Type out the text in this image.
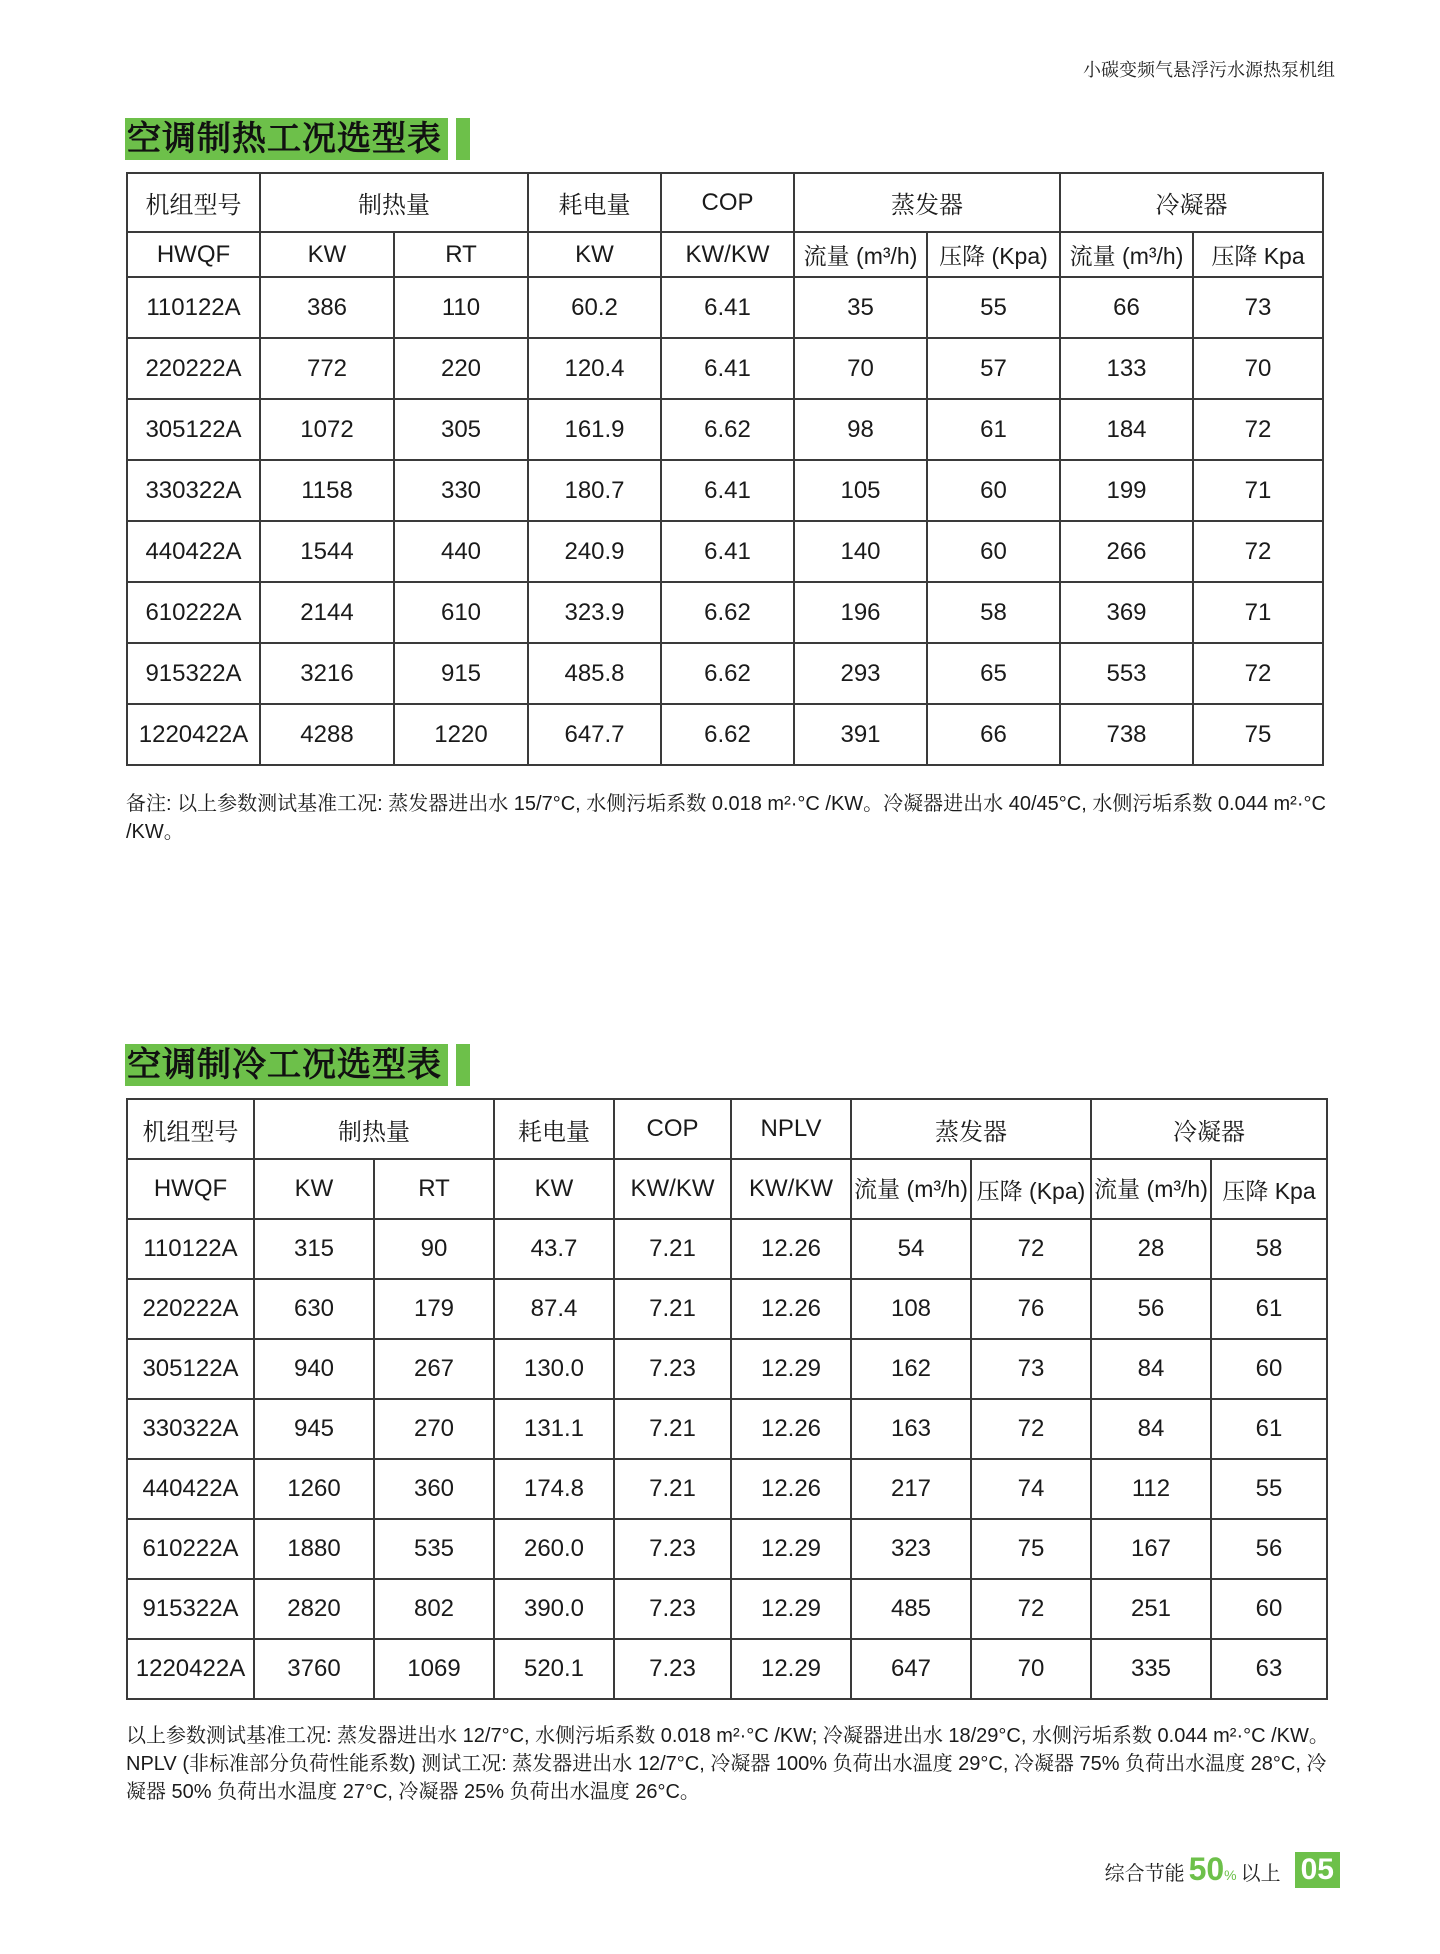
小碳变频气悬浮污水源热泵机组
空调制热工况选型表
机组型号	制热量		耗电量	COP	蒸发器		冷凝器	
HWQF	KW	RT	KW	KW/KW	流量 (m³/h)	压降 (Kpa)	流量 (m³/h)	压降 Kpa
110122A	386	110	60.2	6.41	35	55	66	73
220222A	772	220	120.4	6.41	70	57	133	70
305122A	1072	305	161.9	6.62	98	61	184	72
330322A	1158	330	180.7	6.41	105	60	199	71
440422A	1544	440	240.9	6.41	140	60	266	72
610222A	2144	610	323.9	6.62	196	58	369	71
915322A	3216	915	485.8	6.62	293	65	553	72
1220422A	4288	1220	647.7	6.62	391	66	738	75

备注: 以上参数测试基准工况: 蒸发器进出水 15/7°C, 水侧污垢系数 0.018 m²·°C /KW。冷凝器进出水 40/45°C, 水侧污垢系数 0.044 m²·°C /KW。

空调制冷工况选型表
机组型号	制热量		耗电量	COP	NPLV	蒸发器		冷凝器	
HWQF	KW	RT	KW	KW/KW	KW/KW	流量 (m³/h)	压降 (Kpa)	流量 (m³/h)	压降 Kpa
110122A	315	90	43.7	7.21	12.26	54	72	28	58
220222A	630	179	87.4	7.21	12.26	108	76	56	61
305122A	940	267	130.0	7.23	12.29	162	73	84	60
330322A	945	270	131.1	7.21	12.26	163	72	84	61
440422A	1260	360	174.8	7.21	12.26	217	74	112	55
610222A	1880	535	260.0	7.23	12.29	323	75	167	56
915322A	2820	802	390.0	7.23	12.29	485	72	251	60
1220422A	3760	1069	520.1	7.23	12.29	647	70	335	63

以上参数测试基准工况: 蒸发器进出水 12/7°C, 水侧污垢系数 0.018 m²·°C /KW; 冷凝器进出水 18/29°C, 水侧污垢系数 0.044 m²·°C /KW。

NPLV (非标准部分负荷性能系数) 测试工况: 蒸发器进出水 12/7°C, 冷凝器 100% 负荷出水温度 29°C, 冷凝器 75% 负荷出水温度 28°C, 冷凝器 50% 负荷出水温度 27°C, 冷凝器 25% 负荷出水温度 26°C。

综合节能 50 % 以上 05
